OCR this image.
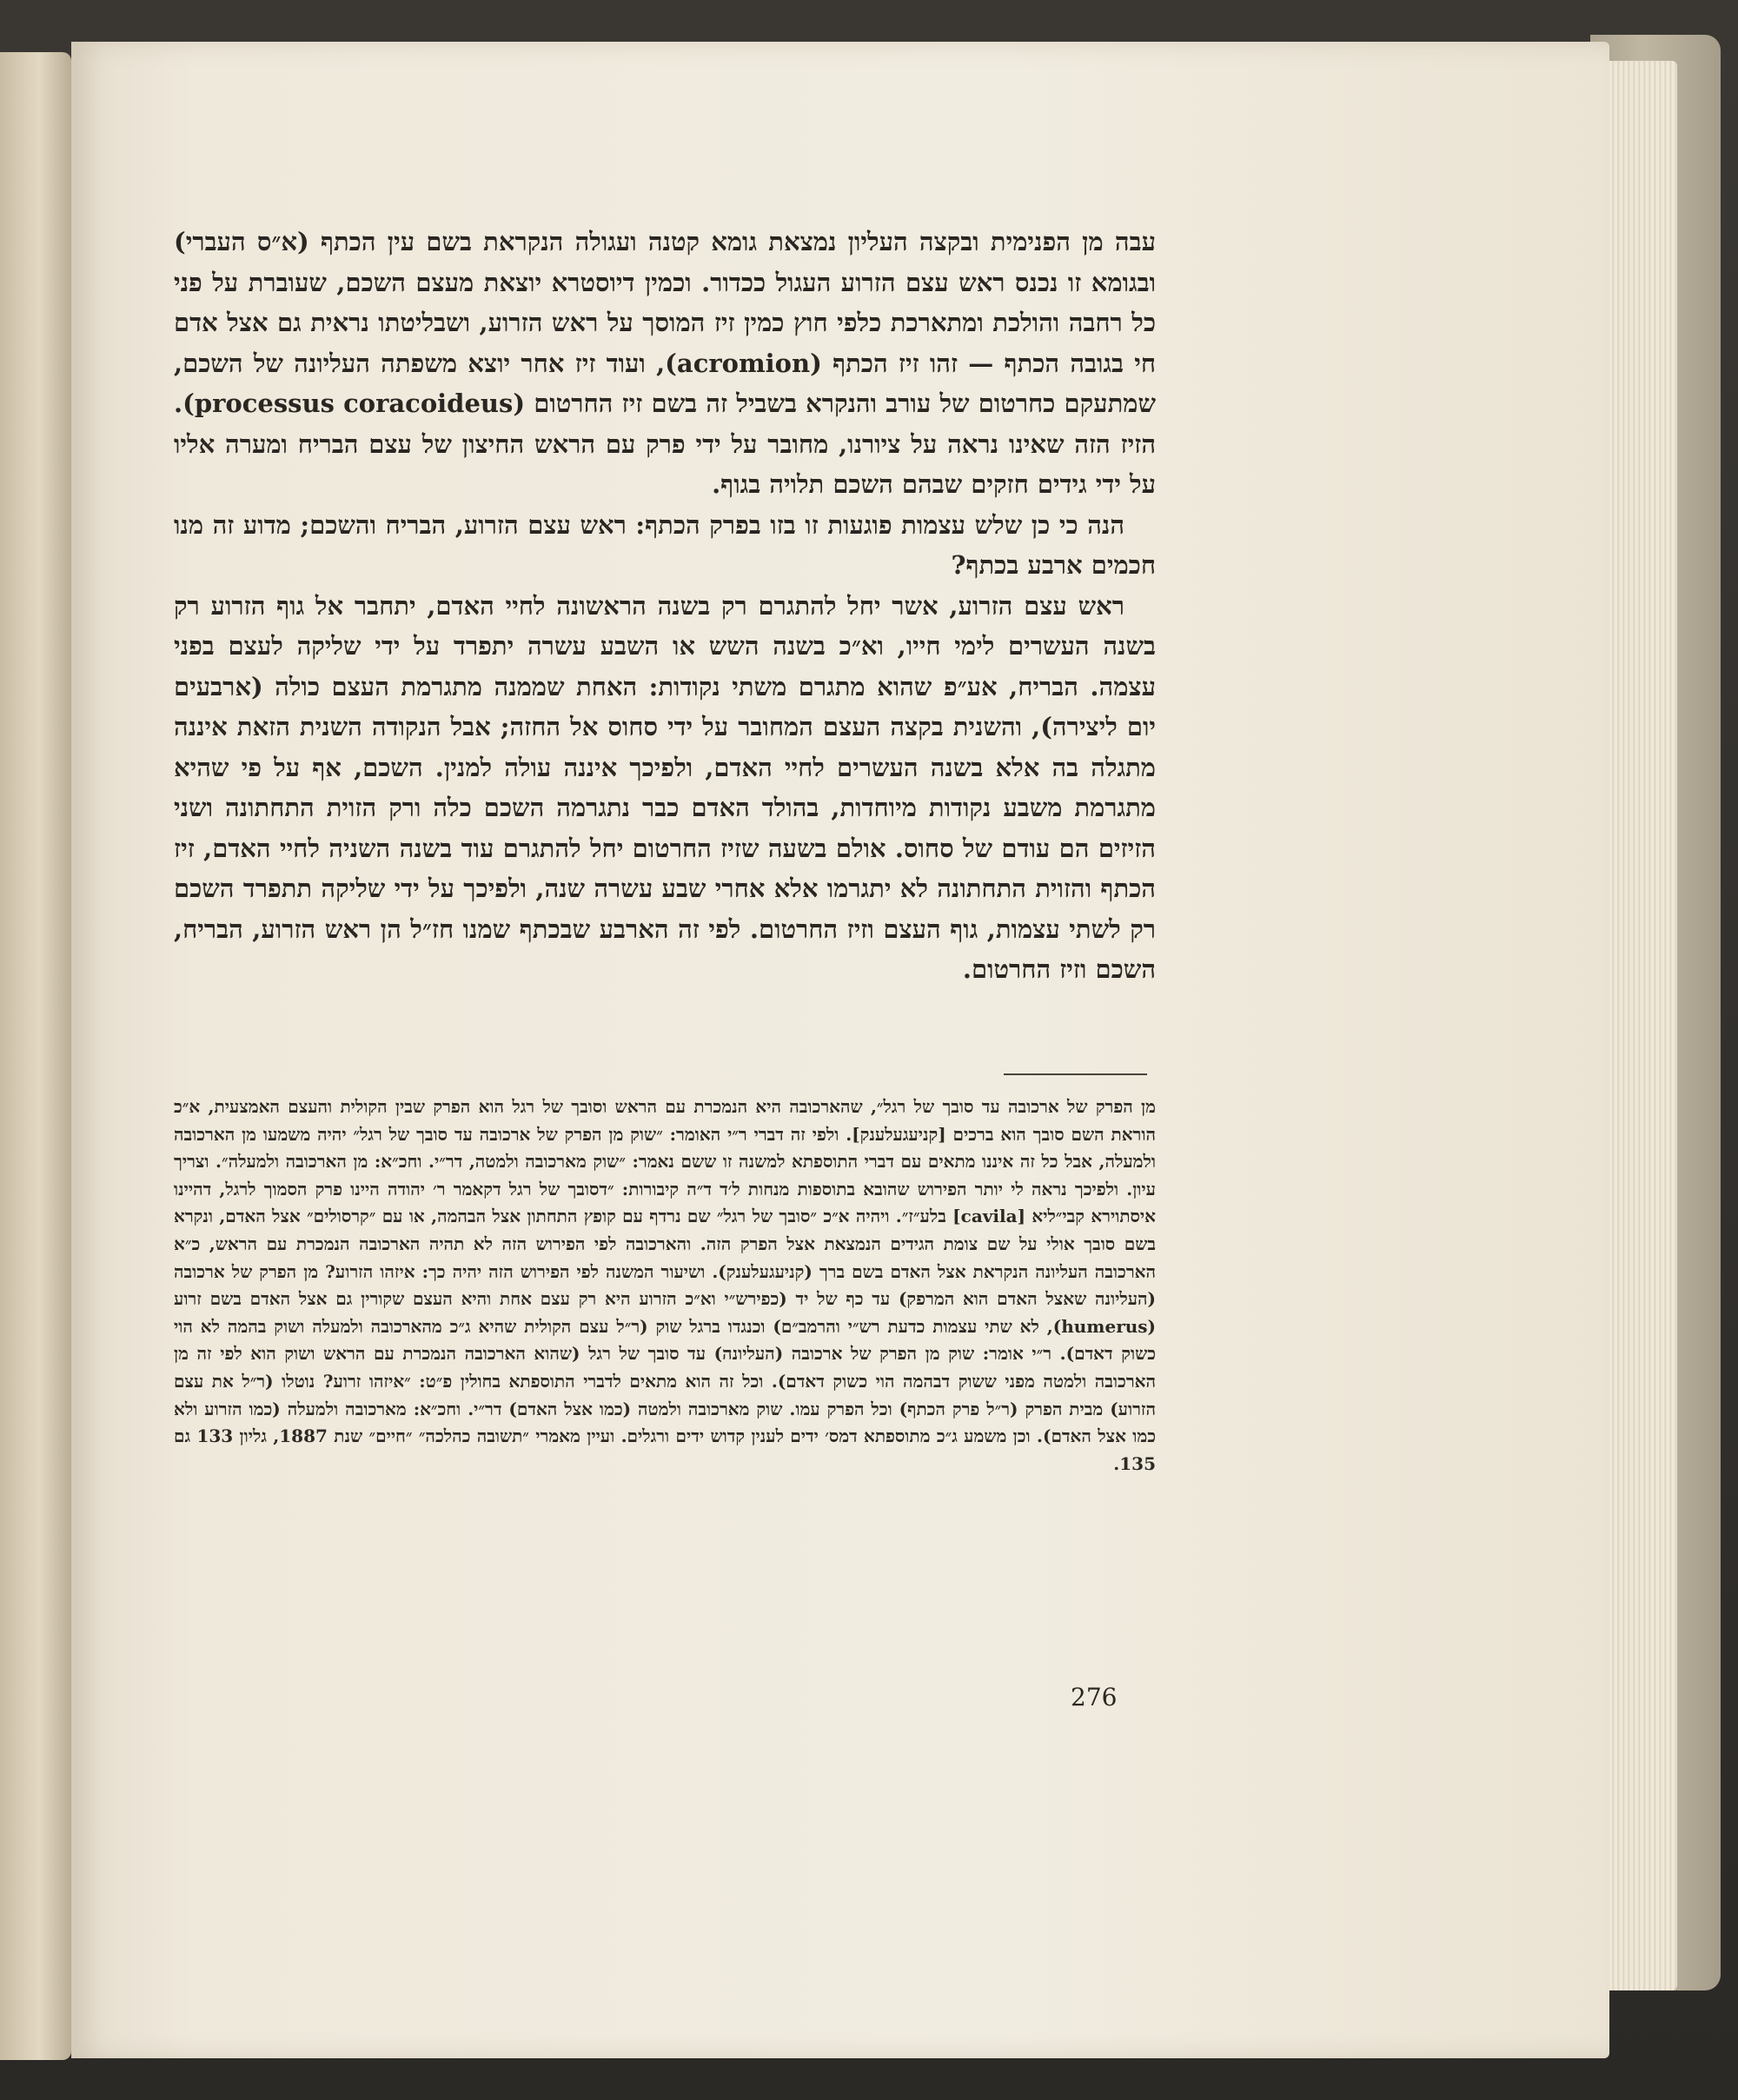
עבה מן הפנימית ובקצה העליון נמצאת גומא קטנה ועגולה הנקראת בשם עין הכתף (א״ס העברי) ובגומא זו נכנס ראש עצם הזרוע העגול ככדור. וכמין דיוסטרא יוצאת מעצם השכם, שעוברת על פני כל רחבה והולכת ומתארכת כלפי חוץ כמין זיז המוסך על ראש הזרוע, ושבליטתו נראית גם אצל אדם חי בגובה הכתף — זהו זיז הכתף (acromion), ועוד זיז אחר יוצא משפתה העליונה של השכם, שמתעקם כחרטום של עורב והנקרא בשביל זה בשם זיז החרטום (processus coracoideus). הזיז הזה שאינו נראה על ציורנו, מחובר על ידי פרק עם הראש החיצון של עצם הבריח ומערה אליו על ידי גידים חזקים שבהם השכם תלויה בגוף.

הנה כי כן שלש עצמות פוגעות זו בזו בפרק הכתף: ראש עצם הזרוע, הבריח והשכם; מדוע זה מנו חכמים ארבע בכתף?

ראש עצם הזרוע, אשר יחל להתגרם רק בשנה הראשונה לחיי האדם, יתחבר אל גוף הזרוע רק בשנה העשרים לימי חייו, וא״כ בשנה השש או השבע עשרה יתפרד על ידי שליקה לעצם בפני עצמה. הבריח, אע״פ שהוא מתגרם משתי נקודות: האחת שממנה מתגרמת העצם כולה (ארבעים יום ליצירה), והשנית בקצה העצם המחובר על ידי סחוס אל החזה; אבל הנקודה השנית הזאת איננה מתגלה בה אלא בשנה העשרים לחיי האדם, ולפיכך איננה עולה למנין. השכם, אף על פי שהיא מתגרמת משבע נקודות מיוחדות, בהולד האדם כבר נתגרמה השכם כלה ורק הזוית התחתונה ושני הזיזים הם עודם של סחוס. אולם בשעה שזיז החרטום יחל להתגרם עוד בשנה השניה לחיי האדם, זיז הכתף והזוית התחתונה לא יתגרמו אלא אחרי שבע עשרה שנה, ולפיכך על ידי שליקה תתפרד השכם רק לשתי עצמות, גוף העצם וזיז החרטום. לפי זה הארבע שבכתף שמנו חז״ל הן ראש הזרוע, הבריח, השכם וזיז החרטום.

מן הפרק של ארכובה עד סובך של רגל״, שהארכובה היא הנמכרת עם הראש וסובך של רגל הוא הפרק שבין הקולית והעצם האמצעית, א״כ הוראת השם סובך הוא ברכים [קניעגעלענק]. ולפי זה דברי ר״י האומר: ״שוק מן הפרק של ארכובה עד סובך של רגל״ יהיה משמעו מן הארכובה ולמעלה, אבל כל זה איננו מתאים עם דברי התוספתא למשנה זו ששם נאמר: ״שוק מארכובה ולמטה, דר״י. וחכ״א: מן הארכובה ולמעלה״. וצריך עיון. ולפיכך נראה לי יותר הפירוש שהובא בתוספות מנחות ל׳ד ד״ה קיבורות: ״דסובך של רגל דקאמר ר׳ יהודה היינו פרק הסמוך לרגל, דהיינו איסתוירא קבי״ליא [cavila] בלע״ז״. ויהיה א״כ ״סובך של רגל״ שם נרדף עם קופץ התחתון אצל הבהמה, או עם ״קרסולים״ אצל האדם, ונקרא בשם סובך אולי על שם צומת הגידים הנמצאת אצל הפרק הזה. והארכובה לפי הפירוש הזה לא תהיה הארכובה הנמכרת עם הראש, כ״א הארכובה העליונה הנקראת אצל האדם בשם ברך (קניעגעלענק). ושיעור המשנה לפי הפירוש הזה יהיה כך: איזהו הזרוע? מן הפרק של ארכובה (העליונה שאצל האדם הוא המרפק) עד כף של יד (כפירש״י וא״כ הזרוע היא רק עצם אחת והיא העצם שקורין גם אצל האדם בשם זרוע (humerus), לא שתי עצמות כדעת רש״י והרמב״ם) וכנגדו ברגל שוק (ר״ל עצם הקולית שהיא ג״כ מהארכובה ולמעלה ושוק בהמה לא הוי כשוק דאדם). ר״י אומר: שוק מן הפרק של ארכובה (העליונה) עד סובך של רגל (שהוא הארכובה הנמכרת עם הראש ושוק הוא לפי זה מן הארכובה ולמטה מפני ששוק דבהמה הוי כשוק דאדם). וכל זה הוא מתאים לדברי התוספתא בחולין פ״ט: ״איזהו זרוע? נוטלו (ר״ל את עצם הזרוע) מבית הפרק (ר״ל פרק הכתף) וכל הפרק עמו. שוק מארכובה ולמטה (כמו אצל האדם) דר״י. וחכ״א: מארכובה ולמעלה (כמו הזרוע ולא כמו אצל האדם). וכן משמע ג״כ מתוספתא דמס׳ ידים לענין קדוש ידים ורגלים. ועיין מאמרי ״תשובה כהלכה״ ״חיים״ שנת 1887, גליון 133 גם 135.

276
